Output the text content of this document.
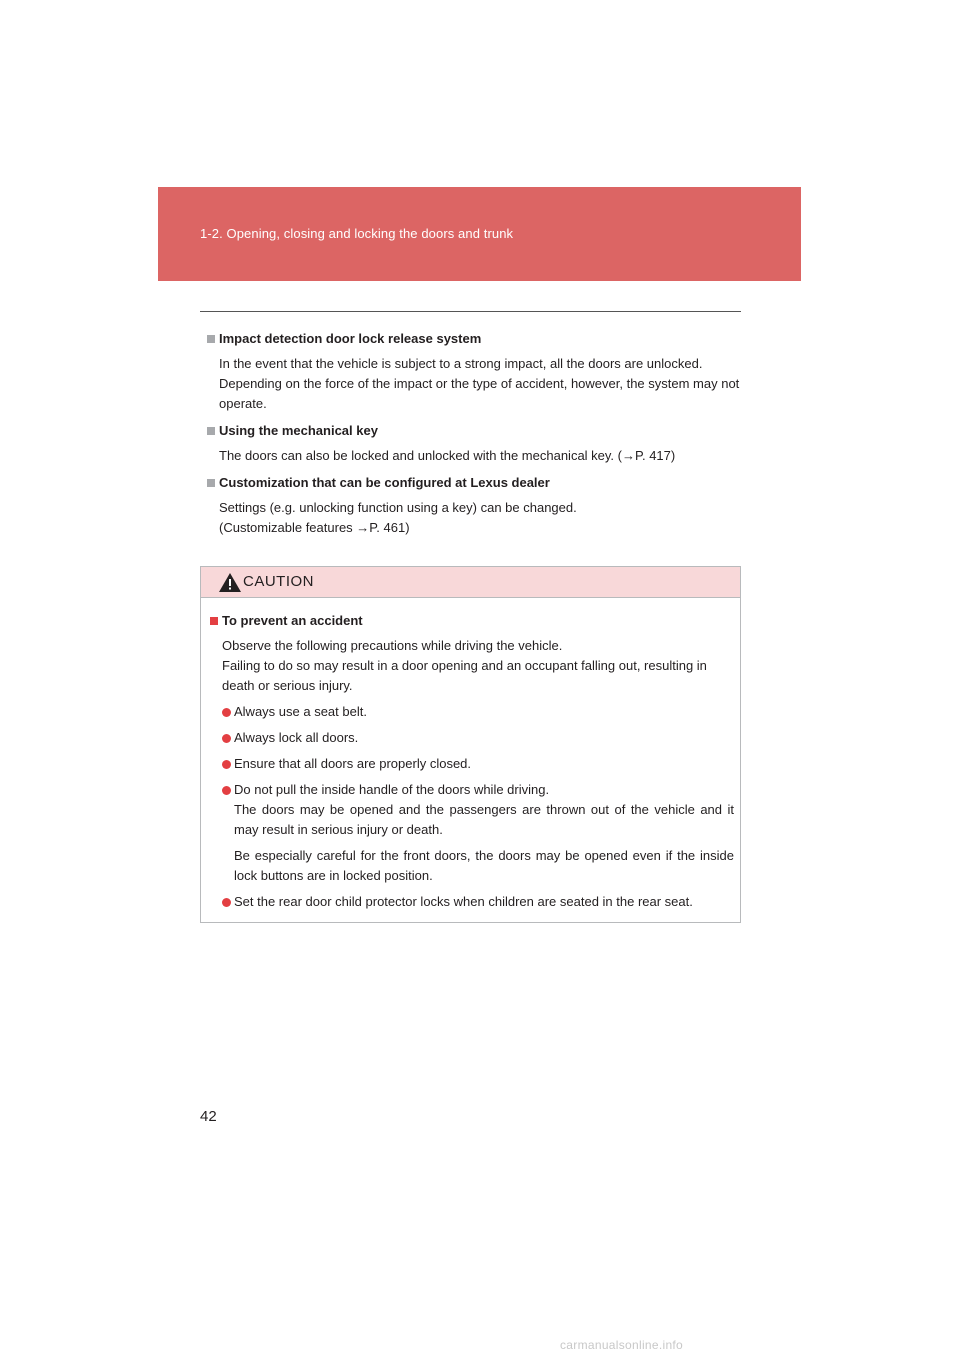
1-2. Opening, closing and locking the doors and trunk

Impact detection door lock release system

In the event that the vehicle is subject to a strong impact, all the doors are unlocked. Depending on the force of the impact or the type of accident, however, the system may not operate.

Using the mechanical key

The doors can also be locked and unlocked with the mechanical key. (→P. 417)

Customization that can be configured at Lexus dealer

Settings (e.g. unlocking function using a key) can be changed.
(Customizable features →P. 461)

CAUTION

To prevent an accident

Observe the following precautions while driving the vehicle.
Failing to do so may result in a door opening and an occupant falling out, resulting in death or serious injury.

Always use a seat belt.
Always lock all doors.
Ensure that all doors are properly closed.
Do not pull the inside handle of the doors while driving.
The doors may be opened and the passengers are thrown out of the vehicle and it may result in serious injury or death.
Be especially careful for the front doors, the doors may be opened even if the inside lock buttons are in locked position.
Set the rear door child protector locks when children are seated in the rear seat.
42
carmanualsonline.info
